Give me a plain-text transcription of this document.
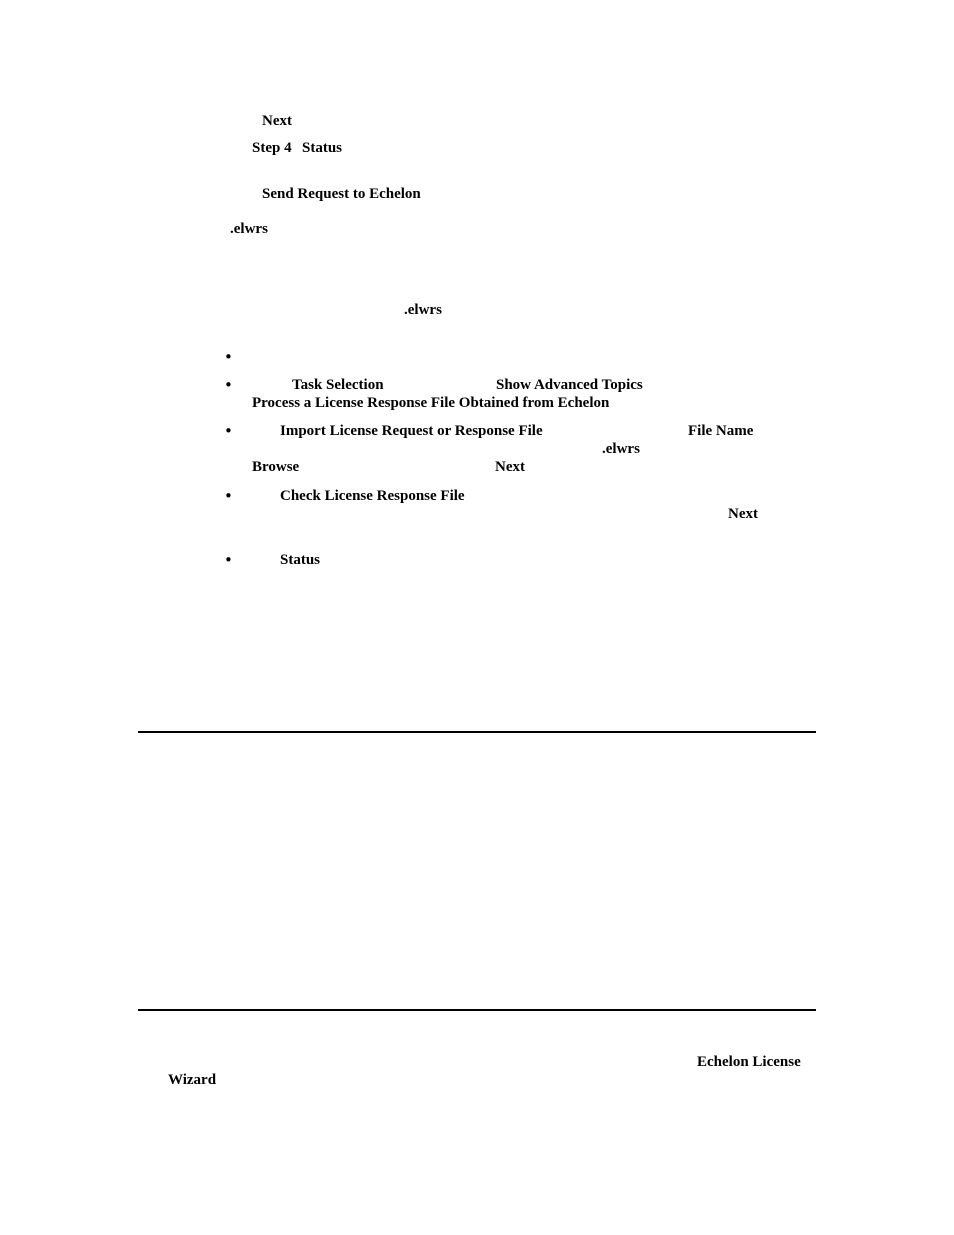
Next
Step 4 Status
Send Request to Echelon
.elwrs
.elwrs
•
•	Task Selection	Show Advanced Topics
Process a License Response File Obtained from Echelon
•	Import License Request or Response File	File Name
.elwrs
Browse	Next
•	Check License Response File
Next
•	Status
Echelon License
Wizard
